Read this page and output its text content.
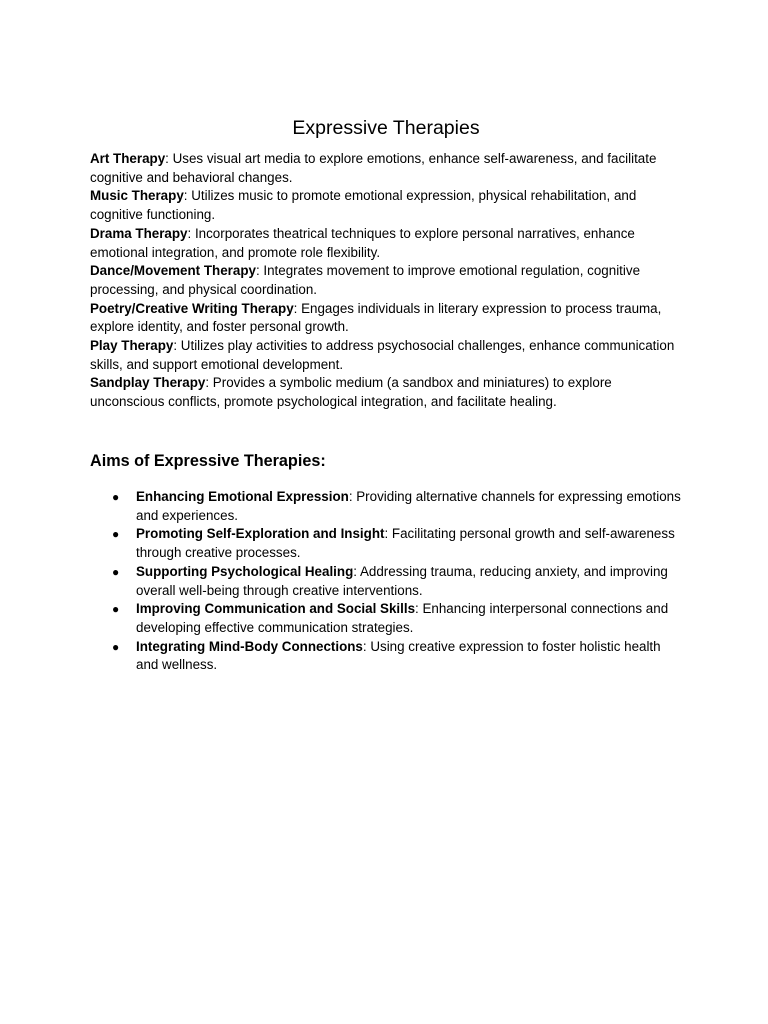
Expressive Therapies
Art Therapy: Uses visual art media to explore emotions, enhance self-awareness, and facilitate cognitive and behavioral changes.
Music Therapy: Utilizes music to promote emotional expression, physical rehabilitation, and cognitive functioning.
Drama Therapy: Incorporates theatrical techniques to explore personal narratives, enhance emotional integration, and promote role flexibility.
Dance/Movement Therapy: Integrates movement to improve emotional regulation, cognitive processing, and physical coordination.
Poetry/Creative Writing Therapy: Engages individuals in literary expression to process trauma, explore identity, and foster personal growth.
Play Therapy: Utilizes play activities to address psychosocial challenges, enhance communication skills, and support emotional development.
Sandplay Therapy: Provides a symbolic medium (a sandbox and miniatures) to explore unconscious conflicts, promote psychological integration, and facilitate healing.
Aims of Expressive Therapies:
● Enhancing Emotional Expression: Providing alternative channels for expressing emotions and experiences.
● Promoting Self-Exploration and Insight: Facilitating personal growth and self-awareness through creative processes.
● Supporting Psychological Healing: Addressing trauma, reducing anxiety, and improving overall well-being through creative interventions.
● Improving Communication and Social Skills: Enhancing interpersonal connections and developing effective communication strategies.
● Integrating Mind-Body Connections: Using creative expression to foster holistic health and wellness.
